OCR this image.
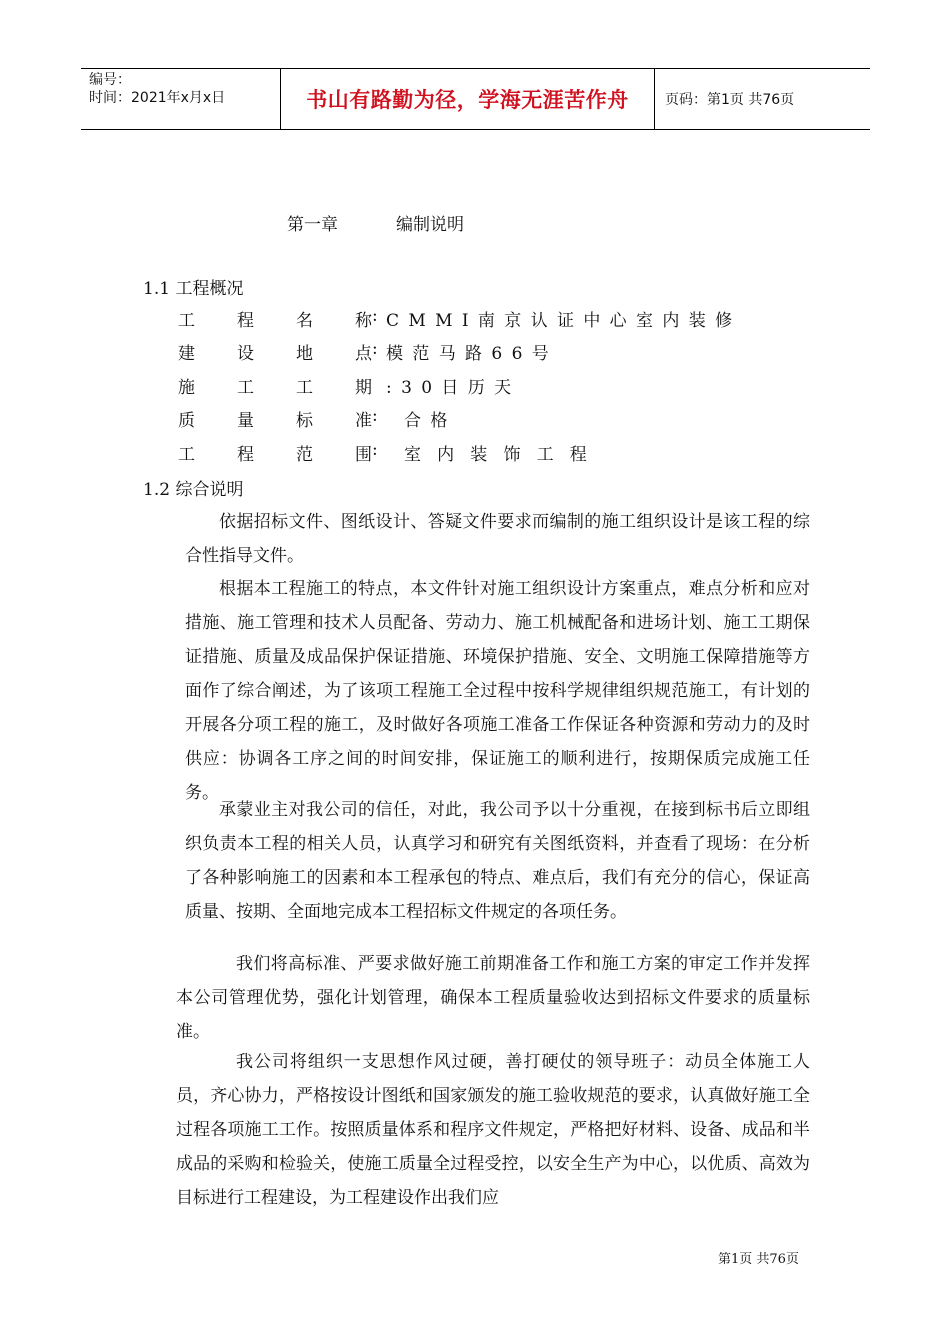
编号：
时间：2021年x月x日	书山有路勤为径，学海无涯苦作舟	页码：第1页 共76页
第一章	编制说明
1.1 工程概况
工 程 名 称 : CMMI南京认证中心室内装修
建 设 地 点 : 模范马路66号
施 工 工 期 :30日历天
质 量 标 准 :	合格
工 程 范 围 :	室内装饰工程
1.2 综合说明

依据招标文件、图纸设计、答疑文件要求而编制的施工组织设计是该工程的综合性指导文件。

根据本工程施工的特点，本文件针对施工组织设计方案重点，难点分析和应对措施、施工管理和技术人员配备、劳动力、施工机械配备和进场计划、施工工期保证措施、质量及成品保护保证措施、环境保护措施、安全、文明施工保障措施等方面作了综合阐述，为了该项工程施工全过程中按科学规律组织规范施工，有计划的开展各分项工程的施工，及时做好各项施工准备工作保证各种资源和劳动力的及时供应：协调各工序之间的时间安排，保证施工的顺利进行，按期保质完成施工任务。

承蒙业主对我公司的信任，对此，我公司予以十分重视，在接到标书后立即组织负责本工程的相关人员，认真学习和研究有关图纸资料，并查看了现场：在分析了各种影响施工的因素和本工程承包的特点、难点后，我们有充分的信心，保证高质量、按期、全面地完成本工程招标文件规定的各项任务。

我们将高标准、严要求做好施工前期准备工作和施工方案的审定工作并发挥本公司管理优势，强化计划管理，确保本工程质量验收达到招标文件要求的质量标准。

我公司将组织一支思想作风过硬，善打硬仗的领导班子：动员全体施工人员，齐心协力，严格按设计图纸和国家颁发的施工验收规范的要求，认真做好施工全过程各项施工工作。按照质量体系和程序文件规定，严格把好材料、设备、成品和半成品的采购和检验关，使施工质量全过程受控，以安全生产为中心，以优质、高效为目标进行工程建设，为工程建设作出我们应

第1页 共76页
